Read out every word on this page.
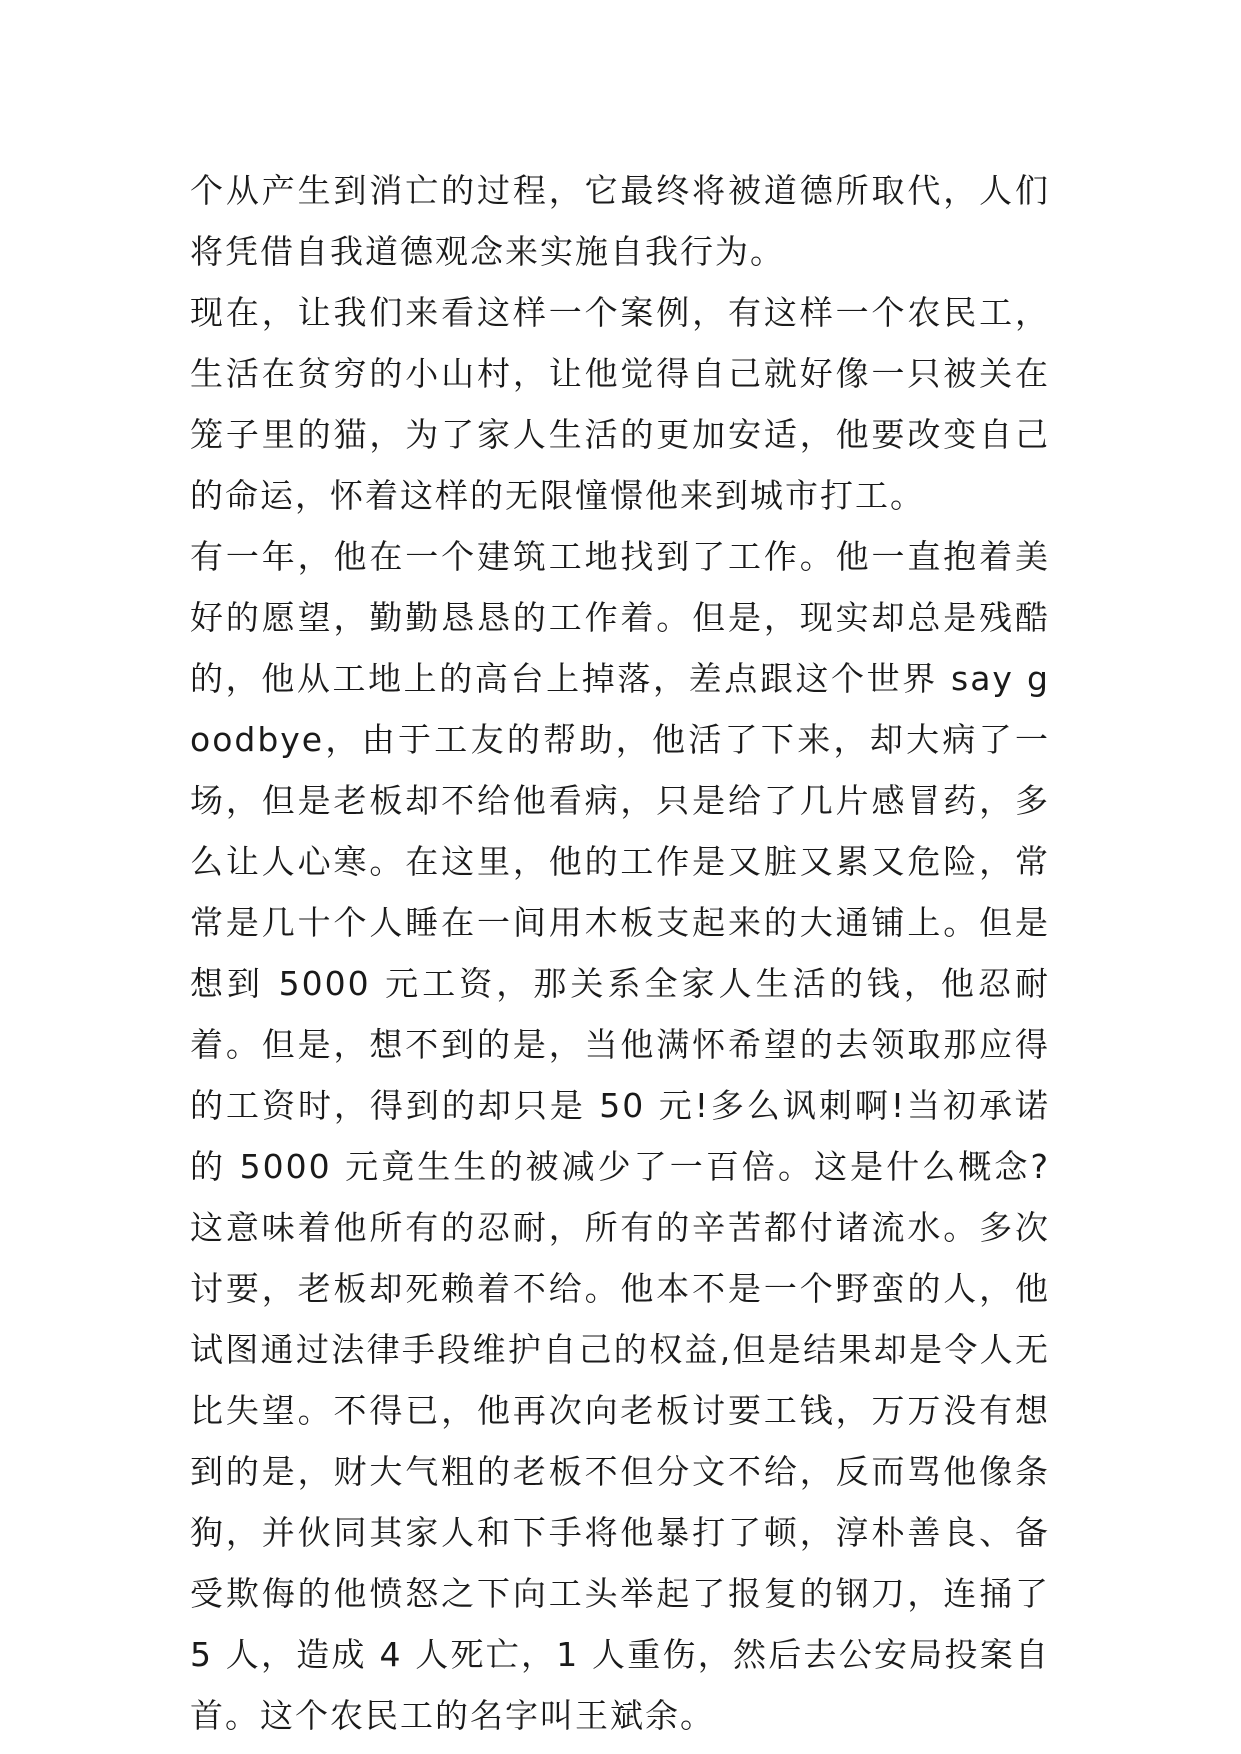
个从产生到消亡的过程，它最终将被道德所取代，人们将凭借自我道德观念来实施自我行为。

现在，让我们来看这样一个案例，有这样一个农民工，生活在贫穷的小山村，让他觉得自己就好像一只被关在笼子里的猫，为了家人生活的更加安适，他要改变自己的命运，怀着这样的无限憧憬他来到城市打工。

有一年，他在一个建筑工地找到了工作。他一直抱着美好的愿望，勤勤恳恳的工作着。但是，现实却总是残酷的，他从工地上的高台上掉落，差点跟这个世界 say goodbye，由于工友的帮助，他活了下来，却大病了一场，但是老板却不给他看病，只是给了几片感冒药，多么让人心寒。在这里，他的工作是又脏又累又危险，常常是几十个人睡在一间用木板支起来的大通铺上。但是想到 5000 元工资，那关系全家人生活的钱，他忍耐着。但是，想不到的是，当他满怀希望的去领取那应得的工资时，得到的却只是 50 元!多么讽刺啊!当初承诺的 5000 元竟生生的被减少了一百倍。这是什么概念?这意味着他所有的忍耐，所有的辛苦都付诸流水。多次讨要，老板却死赖着不给。他本不是一个野蛮的人，他试图通过法律手段维护自己的权益,但是结果却是令人无比失望。不得已，他再次向老板讨要工钱，万万没有想到的是，财大气粗的老板不但分文不给，反而骂他像条狗，并伙同其家人和下手将他暴打了顿，淳朴善良、备受欺侮的他愤怒之下向工头举起了报复的钢刀，连捅了 5 人，造成 4 人死亡，1 人重伤，然后去公安局投案自首。这个农民工的名字叫王斌余。
